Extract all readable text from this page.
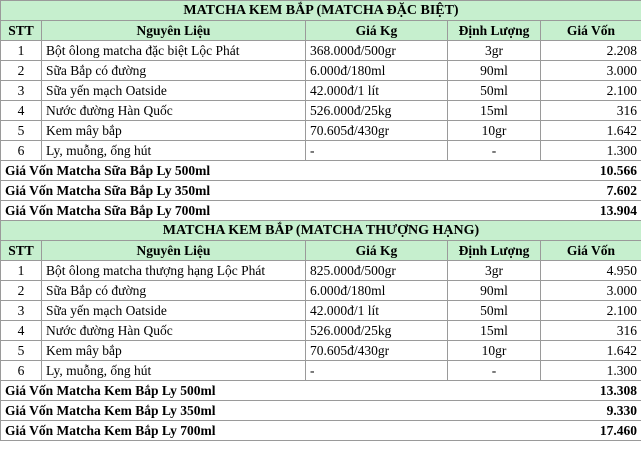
MATCHA KEM BẮP (MATCHA ĐẶC BIỆT)				
STT	Nguyên Liệu	Giá Kg	Định Lượng	Giá Vốn
1	Bột ôlong matcha đặc biệt Lộc Phát	368.000đ/500gr	3gr	2.208
2	Sữa Bắp có đường	6.000đ/180ml	90ml	3.000
3	Sữa yến mạch Oatside	42.000đ/1 lít	50ml	2.100
4	Nước đường Hàn Quốc	526.000đ/25kg	15ml	316
5	Kem mây bắp	70.605đ/430gr	10gr	1.642
6	Ly, muỗng, ống hút	-	-	1.300
Giá Vốn Matcha Sữa Bắp Ly 500ml				10.566
Giá Vốn Matcha Sữa Bắp Ly 350ml				7.602
Giá Vốn Matcha Sữa Bắp Ly 700ml				13.904
MATCHA KEM BẮP (MATCHA THƯỢNG HẠNG)				
STT	Nguyên Liệu	Giá Kg	Định Lượng	Giá Vốn
1	Bột ôlong matcha thượng hạng Lộc Phát	825.000đ/500gr	3gr	4.950
2	Sữa Bắp có đường	6.000đ/180ml	90ml	3.000
3	Sữa yến mạch Oatside	42.000đ/1 lít	50ml	2.100
4	Nước đường Hàn Quốc	526.000đ/25kg	15ml	316
5	Kem mây bắp	70.605đ/430gr	10gr	1.642
6	Ly, muỗng, ống hút	-	-	1.300
Giá Vốn Matcha Kem Bắp Ly 500ml				13.308
Giá Vốn Matcha Kem Bắp Ly 350ml				9.330
Giá Vốn Matcha Kem Bắp Ly 700ml				17.460
